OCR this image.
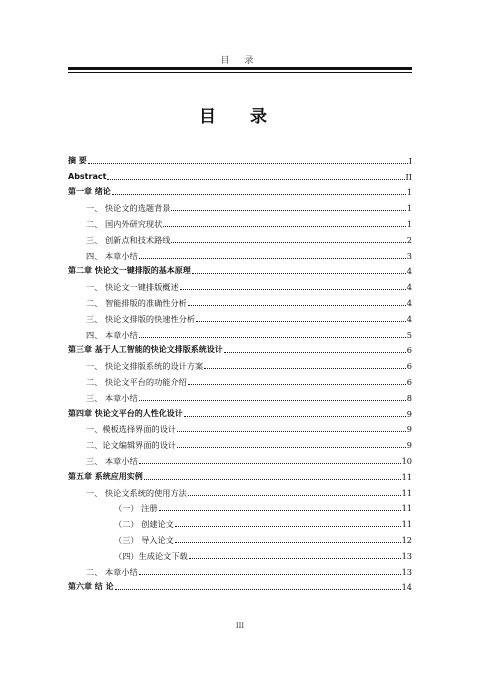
目 录
目 录
摘 要	I
Abstract	II
第一章 绪论	1
一、 快论文的选题背景	1
二、 国内外研究现状	1
三、 创新点和技术路线	2
四、 本章小结	3
第二章 快论文一键排版的基本原理	4
一、 快论文一键排版概述	4
二、 智能排版的准确性分析	4
三、 快论文排版的快速性分析	4
四、 本章小结	5
第三章 基于人工智能的快论文排版系统设计	6
一、 快论文排版系统的设计方案	6
二、 快论文平台的功能介绍	6
三、 本章小结	8
第四章 快论文平台的人性化设计	9
一、模板选择界面的设计	9
二、论文编辑界面的设计	9
三、 本章小结	10
第五章 系统应用实例	11
一、 快论文系统的使用方法	11
（一） 注册	11
（二） 创建论文	11
（三） 导入论文	12
（四）生成论文下载	13
二、 本章小结	13
第六章 结 论	14
III
